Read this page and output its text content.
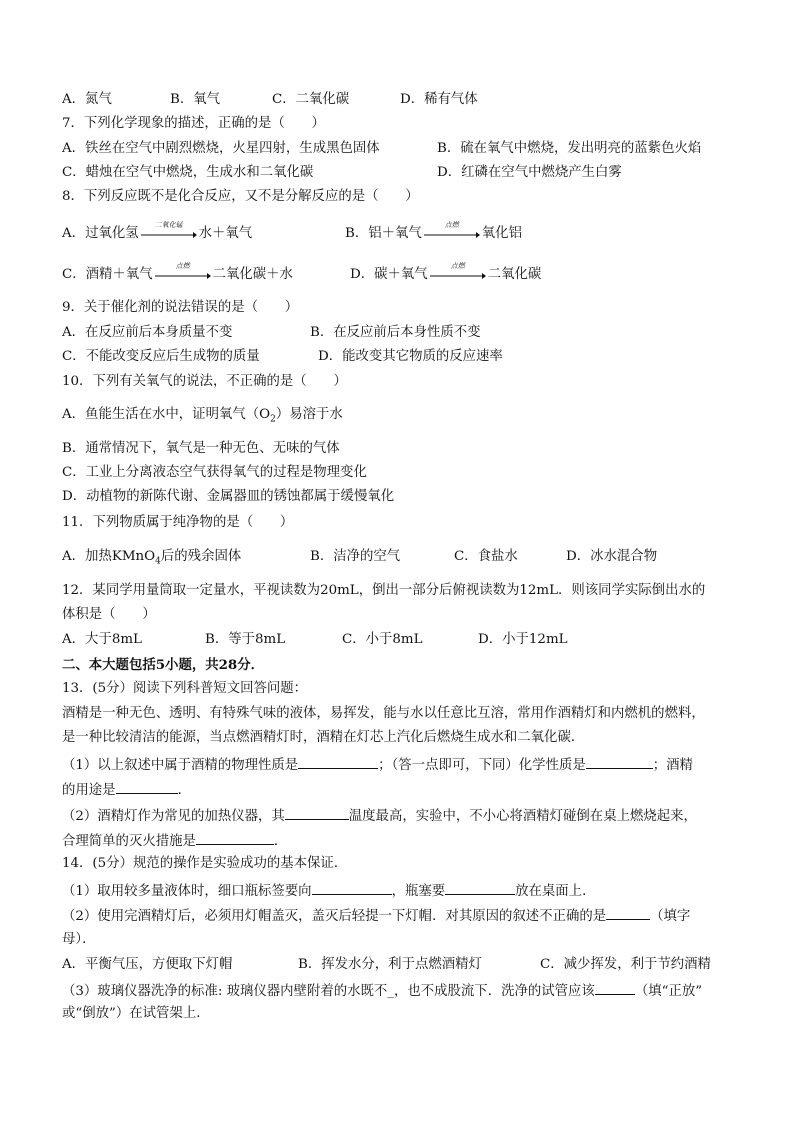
A．氮气	B．氧气	C．二氧化碳	D．稀有气体
7．下列化学现象的描述，正确的是（　　）
A．铁丝在空气中剧烈燃烧，火星四射，生成黑色固体	B．硫在氧气中燃烧，发出明亮的蓝紫色火焰
C．蜡烛在空气中燃烧，生成水和二氧化碳	D．红磷在空气中燃烧产生白雾
8．下列反应既不是化合反应，又不是分解反应的是（　　）
A．过氧化氢
二氧化锰
水＋氧气	B．铝＋氧气
点燃
氧化铝
C．酒精＋氧气
点燃
二氧化碳＋水	D．碳＋氧气
点燃
二氧化碳
9．关于催化剂的说法错误的是（　　）
A．在反应前后本身质量不变	B．在反应前后本身性质不变
C．不能改变反应后生成物的质量	D．能改变其它物质的反应速率
10．下列有关氧气的说法，不正确的是（　　）
A．鱼能生活在水中，证明氧气$(O_2)$易溶于水
B．通常情况下，氧气是一种无色、无味的气体
C．工业上分离液态空气获得氧气的过程是物理变化
D．动植物的新陈代谢、金属器皿的锈蚀都属于缓慢氧化
11．下列物质属于纯净物的是（　　）
A．加热KMnO$_4$后的残余固体	B．洁净的空气	C．食盐水	D．冰水混合物
12．某同学用量筒取一定量水，平视读数为20mL，倒出一部分后俯视读数为12mL．则该同学实际倒出水的
体积是（　　）
A．大于8mL	B．等于8mL	C．小于8mL	D．小于12mL
二、本大题包括5小题，共28分．
13．(5分）阅读下列科普短文回答问题：
酒精是一种无色、透明、有特殊气味的液体，易挥发，能与水以任意比互溶，常用作酒精灯和内燃机的燃料，
是一种比较清洁的能源，当点燃酒精灯时，酒精在灯芯上汽化后燃烧生成水和二氧化碳．
（1）以上叙述中属于酒精的物理性质是	；（答一点即可，下同）化学性质是	；酒精
的用途是	．
（2）酒精灯作为常见的加热仪器，其	温度最高，实验中，不小心将酒精灯碰倒在桌上燃烧起来，
合理简单的灭火措施是	．
14．(5分）规范的操作是实验成功的基本保证．
（1）取用较多量液体时，细口瓶标签要向	，瓶塞要	放在桌面上．
（2）使用完酒精灯后，必须用灯帽盖灭，盖灭后轻提一下灯帽．对其原因的叙述不正确的是	（填字
母）．
A．平衡气压，方便取下灯帽	B．挥发水分，利于点燃酒精灯	C．减少挥发，利于节约酒精
（3）玻璃仪器洗净的标准: 玻璃仪器内壁附着的水既不_，也不成股流下．洗净的试管应该	（填“正放”
或“倒放”）在试管架上．
